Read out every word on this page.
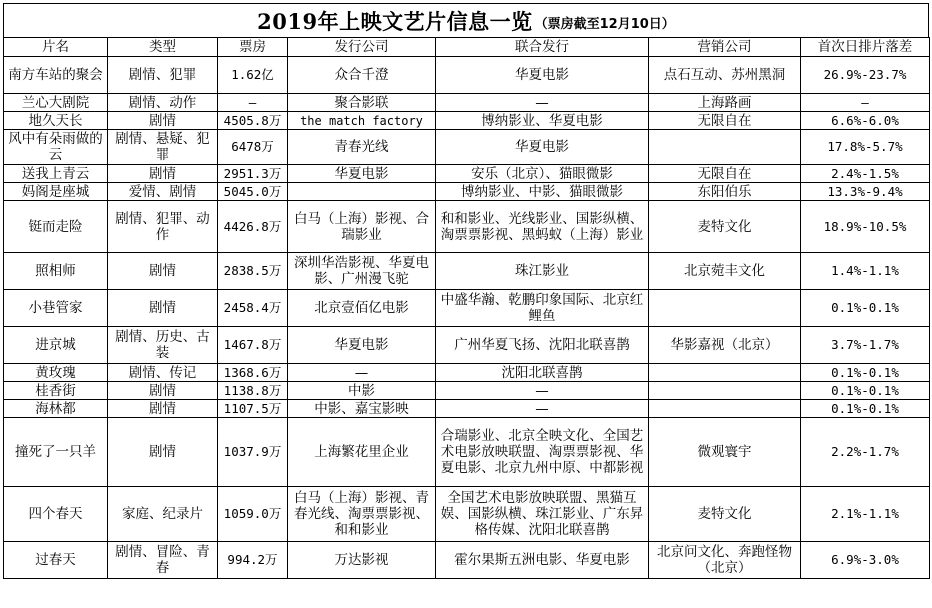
2019年上映文艺片信息一览 （票房截至12月10日）
片名	类型	票房	发行公司	联合发行	营销公司	首次日排片落差
南方车站的聚会	剧情、犯罪	1.62亿	众合千澄	华夏电影	点石互动、苏州黑洞	26.9%-23.7%
兰心大剧院	剧情、动作	—	聚合影联	—	上海路画	—
地久天长	剧情	4505.8万	the match factory	博纳影业、华夏电影	无限自在	6.6%-6.0%
风中有朵雨做的云	剧情、悬疑、犯罪	6478万	青春光线	华夏电影		17.8%-5.7%
送我上青云	剧情	2951.3万	华夏电影	安乐（北京）、猫眼微影	无限自在	2.4%-1.5%
妈阁是座城	爱情、剧情	5045.0万		博纳影业、中影、猫眼微影	东阳伯乐	13.3%-9.4%
铤而走险	剧情、犯罪、动作	4426.8万	白马（上海）影视、合瑞影业	和和影业、光线影业、国影纵横、淘票票影视、黑蚂蚁（上海）影业	麦特文化	18.9%-10.5%
照相师	剧情	2838.5万	深圳华浩影视、华夏电影、广州漫飞驼	珠江影业	北京菀丰文化	1.4%-1.1%
小巷管家	剧情	2458.4万	北京壹佰亿电影	中盛华瀚、乾鹏印象国际、北京红鲤鱼		0.1%-0.1%
进京城	剧情、历史、古装	1467.8万	华夏电影	广州华夏飞扬、沈阳北联喜鹊	华影嘉视（北京）	3.7%-1.7%
黄玫瑰	剧情、传记	1368.6万	—	沈阳北联喜鹊		0.1%-0.1%
桂香街	剧情	1138.8万	中影	—		0.1%-0.1%
海林都	剧情	1107.5万	中影、嘉宝影映	—		0.1%-0.1%
撞死了一只羊	剧情	1037.9万	上海繁花里企业	合瑞影业、北京全映文化、全国艺术电影放映联盟、淘票票影视、华夏电影、北京九州中原、中都影视	微观寰宇	2.2%-1.7%
四个春天	家庭、纪录片	1059.0万	白马（上海）影视、青春光线、淘票票影视、和和影业	全国艺术电影放映联盟、黑猫互娱、国影纵横、珠江影业、广东昇格传媒、沈阳北联喜鹊	麦特文化	2.1%-1.1%
过春天	剧情、冒险、青春	994.2万	万达影视	霍尔果斯五洲电影、华夏电影	北京问文化、奔跑怪物（北京）	6.9%-3.0%
